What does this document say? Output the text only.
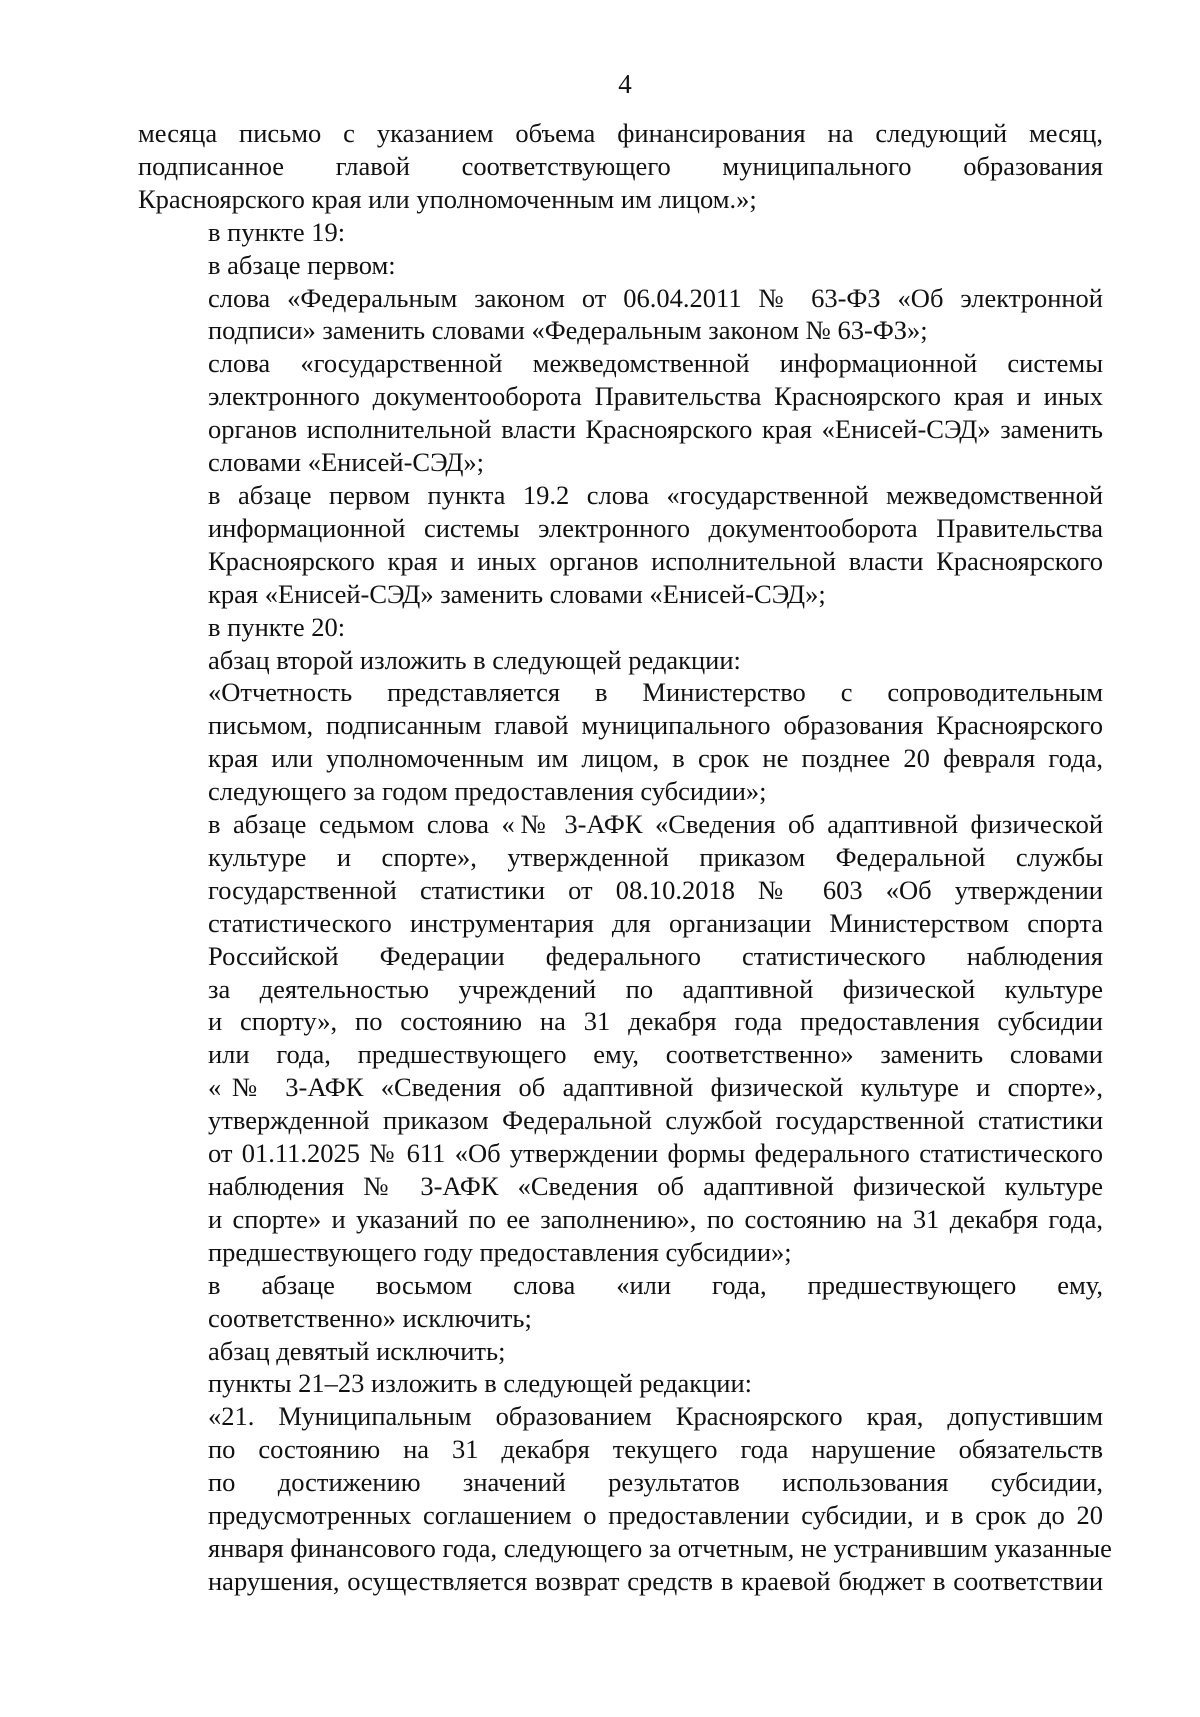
4
месяца письмо с указанием объема финансирования на следующий месяц,
подписанное главой соответствующего муниципального образования
Красноярского края или уполномоченным им лицом.»;
в пункте 19:
в абзаце первом:
слова «Федеральным законом от 06.04.2011 № 63-ФЗ «Об электронной
подписи» заменить словами «Федеральным законом № 63-ФЗ»;
слова «государственной межведомственной информационной системы
электронного документооборота Правительства Красноярского края и иных
органов исполнительной власти Красноярского края «Енисей-СЭД» заменить
словами «Енисей-СЭД»;
в абзаце первом пункта 19.2 слова «государственной межведомственной
информационной системы электронного документооборота Правительства
Красноярского края и иных органов исполнительной власти Красноярского
края «Енисей-СЭД» заменить словами «Енисей-СЭД»;
в пункте 20:
абзац второй изложить в следующей редакции:
«Отчетность представляется в Министерство с сопроводительным
письмом, подписанным главой муниципального образования Красноярского
края или уполномоченным им лицом, в срок не позднее 20 февраля года,
следующего за годом предоставления субсидии»;
в абзаце седьмом слова «№ 3-АФК «Сведения об адаптивной физической
культуре и спорте», утвержденной приказом Федеральной службы
государственной статистики от 08.10.2018 № 603 «Об утверждении
статистического инструментария для организации Министерством спорта
Российской Федерации федерального статистического наблюдения
за деятельностью учреждений по адаптивной физической культуре
и спорту», по состоянию на 31 декабря года предоставления субсидии
или года, предшествующего ему, соответственно» заменить словами
«№ 3-АФК «Сведения об адаптивной физической культуре и спорте»,
утвержденной приказом Федеральной службой государственной статистики
от 01.11.2025 № 611 «Об утверждении формы федерального статистического
наблюдения № 3-АФК «Сведения об адаптивной физической культуре
и спорте» и указаний по ее заполнению», по состоянию на 31 декабря года,
предшествующего году предоставления субсидии»;
в абзаце восьмом слова «или года, предшествующего ему,
соответственно» исключить;
абзац девятый исключить;
пункты 21–23 изложить в следующей редакции:
«21. Муниципальным образованием Красноярского края, допустившим
по состоянию на 31 декабря текущего года нарушение обязательств
по достижению значений результатов использования субсидии,
предусмотренных соглашением о предоставлении субсидии, и в срок до 20
января финансового года, следующего за отчетным, не устранившим указанные
нарушения, осуществляется возврат средств в краевой бюджет в соответствии
